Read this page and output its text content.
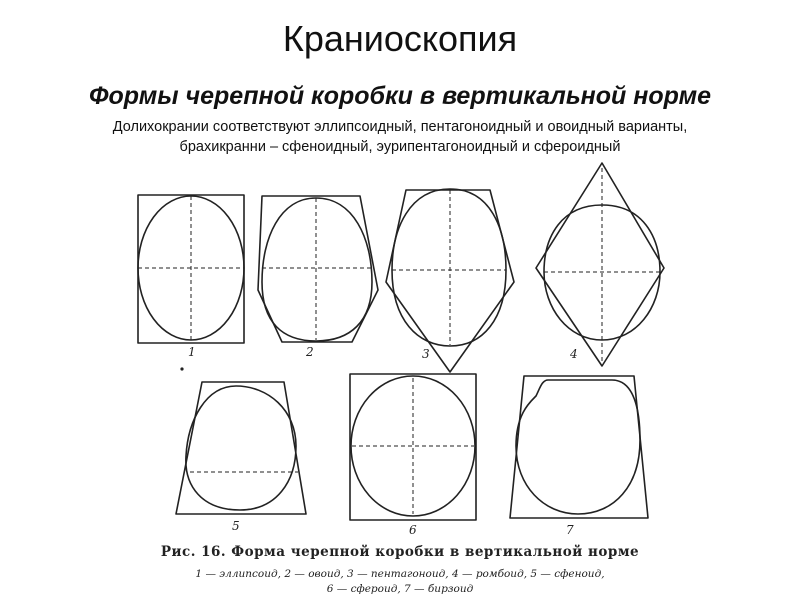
Краниоскопия
Формы черепной коробки в вертикальной норме
Долихокрании соответствуют эллипсоидный, пентагоноидный и овоидный варианты,
брахикранни – сфеноидный, эурипентагоноидный и сфероидный
1	2	3	4
5	6	7
Рис. 16. Форма черепной коробки в вертикальной норме
1 — эллипсоид, 2 — овоид, 3 — пентагоноид, 4 — ромбоид, 5 — сфеноид,
6 — сфероид, 7 — бирзоид
